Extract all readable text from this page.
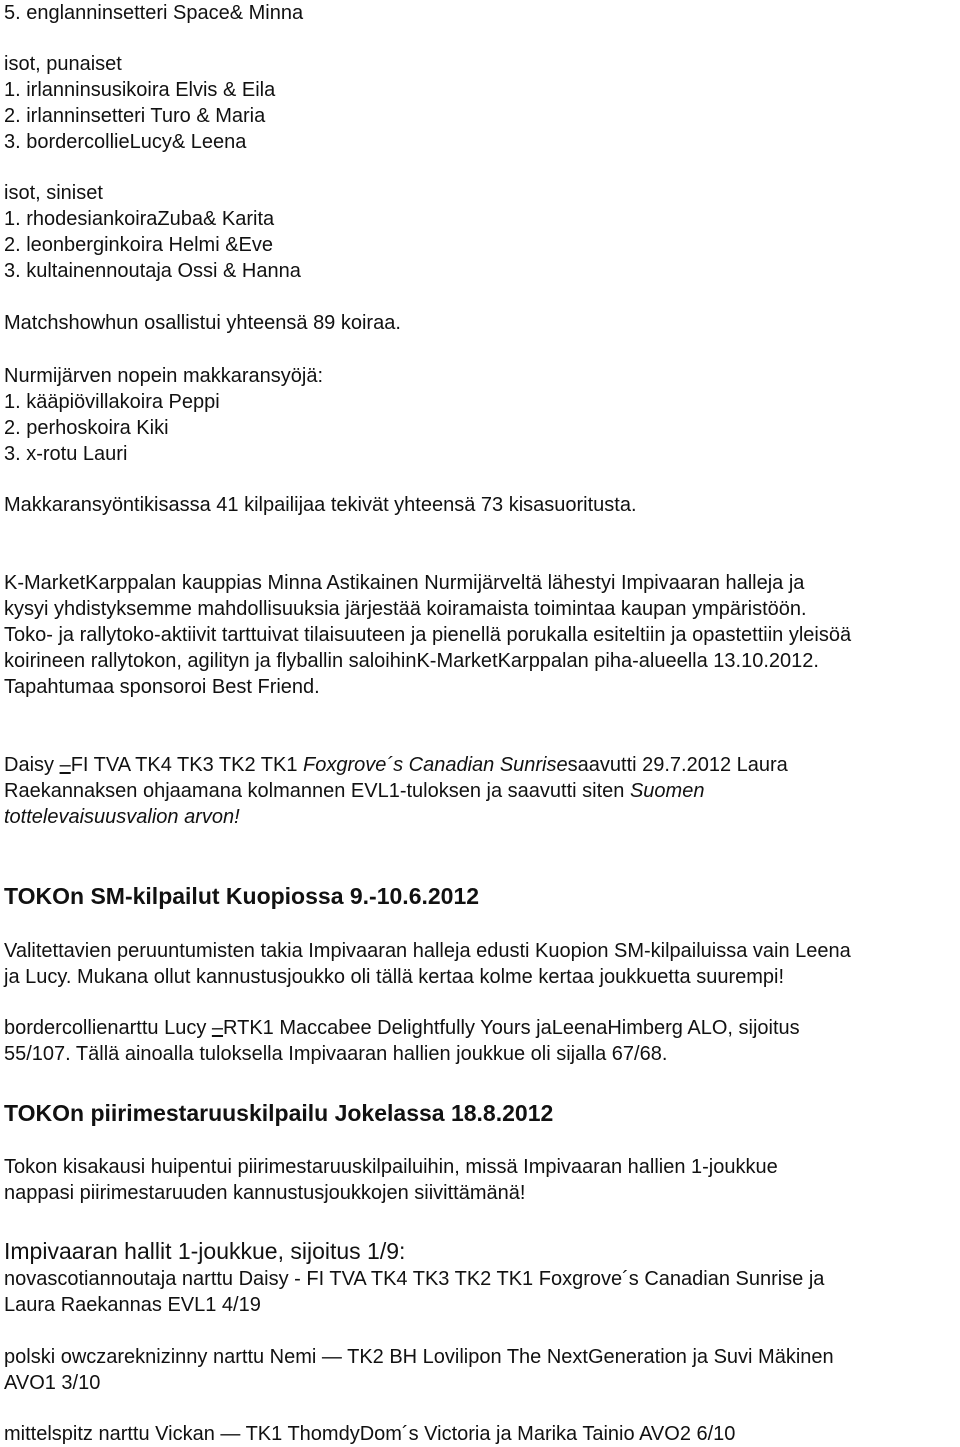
5. englanninsetteri Space& Minna
isot, punaiset
1. irlanninsusikoira Elvis & Eila
2. irlanninsetteri Turo & Maria
3. bordercollieLucy& Leena
isot, siniset
1. rhodesiankoiraZuba& Karita
2. leonberginkoira Helmi &Eve
3. kultainennoutaja Ossi & Hanna
Matchshowhun osallistui yhteensä 89 koiraa.
Nurmijärven nopein makkaransyöjä:
1. kääpiövillakoira Peppi
2. perhoskoira Kiki
3. x-rotu Lauri
Makkaransyöntikisassa 41 kilpailijaa tekivät yhteensä 73 kisasuoritusta.
K-MarketKarppalan kauppias Minna Astikainen Nurmijärveltä lähestyi Impivaaran halleja ja
kysyi yhdistyksemme mahdollisuuksia järjestää koiramaista toimintaa kaupan ympäristöön.
Toko- ja rallytoko-aktiivit tarttuivat tilaisuuteen ja pienellä porukalla esiteltiin ja opastettiin yleisöä
koirineen rallytokon, agilityn ja flyballin saloihinK-MarketKarppalan piha-alueella 13.10.2012.
Tapahtumaa sponsoroi Best Friend.
Daisy –FI TVA TK4 TK3 TK2 TK1 Foxgrove´s Canadian Sunrisesaavutti 29.7.2012 Laura
Raekannaksen ohjaamana kolmannen EVL1-tuloksen ja saavutti siten Suomen
tottelevaisuusvalion arvon!
TOKOn SM-kilpailut Kuopiossa 9.-10.6.2012
Valitettavien peruuntumisten takia Impivaaran halleja edusti Kuopion SM-kilpailuissa vain Leena
ja Lucy. Mukana ollut kannustusjoukko oli tällä kertaa kolme kertaa joukkuetta suurempi!
bordercollienarttu Lucy –RTK1 Maccabee Delightfully Yours jaLeenaHimberg ALO, sijoitus
55/107. Tällä ainoalla tuloksella Impivaaran hallien joukkue oli sijalla 67/68.
TOKOn piirimestaruuskilpailu Jokelassa 18.8.2012
Tokon kisakausi huipentui piirimestaruuskilpailuihin, missä Impivaaran hallien 1-joukkue
nappasi piirimestaruuden kannustusjoukkojen siivittämänä!
Impivaaran hallit 1-joukkue, sijoitus 1/9:
novascotiannoutaja narttu Daisy - FI TVA TK4 TK3 TK2 TK1 Foxgrove´s Canadian Sunrise ja
Laura Raekannas EVL1 4/19
polski owczareknizinny narttu Nemi — TK2 BH Lovilipon The NextGeneration ja Suvi Mäkinen
AVO1 3/10
mittelspitz narttu Vickan — TK1 ThomdyDom´s Victoria ja Marika Tainio AVO2 6/10
